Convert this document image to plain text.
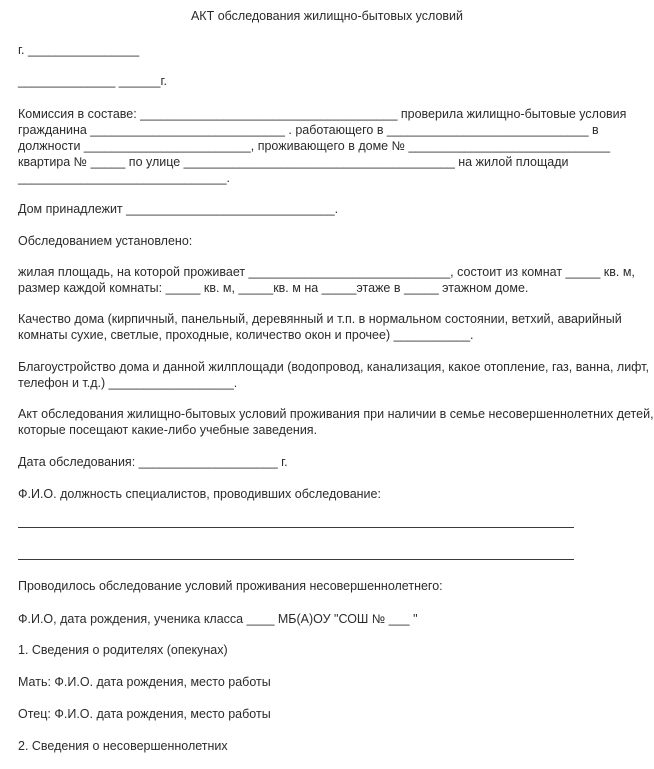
АКТ обследования жилищно-бытовых условий
г. ________________
______________ ______г.
Комиссия в составе: _____________________________________ проверила жилищно-бытовые условия
гражданина ____________________________ . работающего в _____________________________ в
должности ________________________, проживающего в доме № _____________________________
квартира № _____ по улице _______________________________________ на жилой площади
______________________________.
Дом принадлежит ______________________________.
Обследованием установлено:
жилая площадь, на которой проживает _____________________________, состоит из комнат _____ кв. м,
размер каждой комнаты: _____ кв. м, _____кв. м на _____этаже в _____ этажном доме.
Качество дома (кирпичный, панельный, деревянный и т.п. в нормальном состоянии, ветхий, аварийный
комнаты сухие, светлые, проходные, количество окон и прочее) ___________.
Благоустройство дома и данной жилплощади (водопровод, канализация, какое отопление, газ, ванна, лифт,
телефон и т.д.) __________________.
Акт обследования жилищно-бытовых условий проживания при наличии в семье несовершеннолетних детей,
которые посещают какие-либо учебные заведения.
Дата обследования: ____________________ г.
Ф.И.О. должность специалистов, проводивших обследование:
Проводилось обследование условий проживания несовершеннолетнего:
Ф.И.О, дата рождения, ученика класса ____ МБ(А)ОУ "СОШ № ___ "
1. Сведения о родителях (опекунах)
Мать: Ф.И.О. дата рождения, место работы
Отец: Ф.И.О. дата рождения, место работы
2. Сведения о несовершеннолетних
